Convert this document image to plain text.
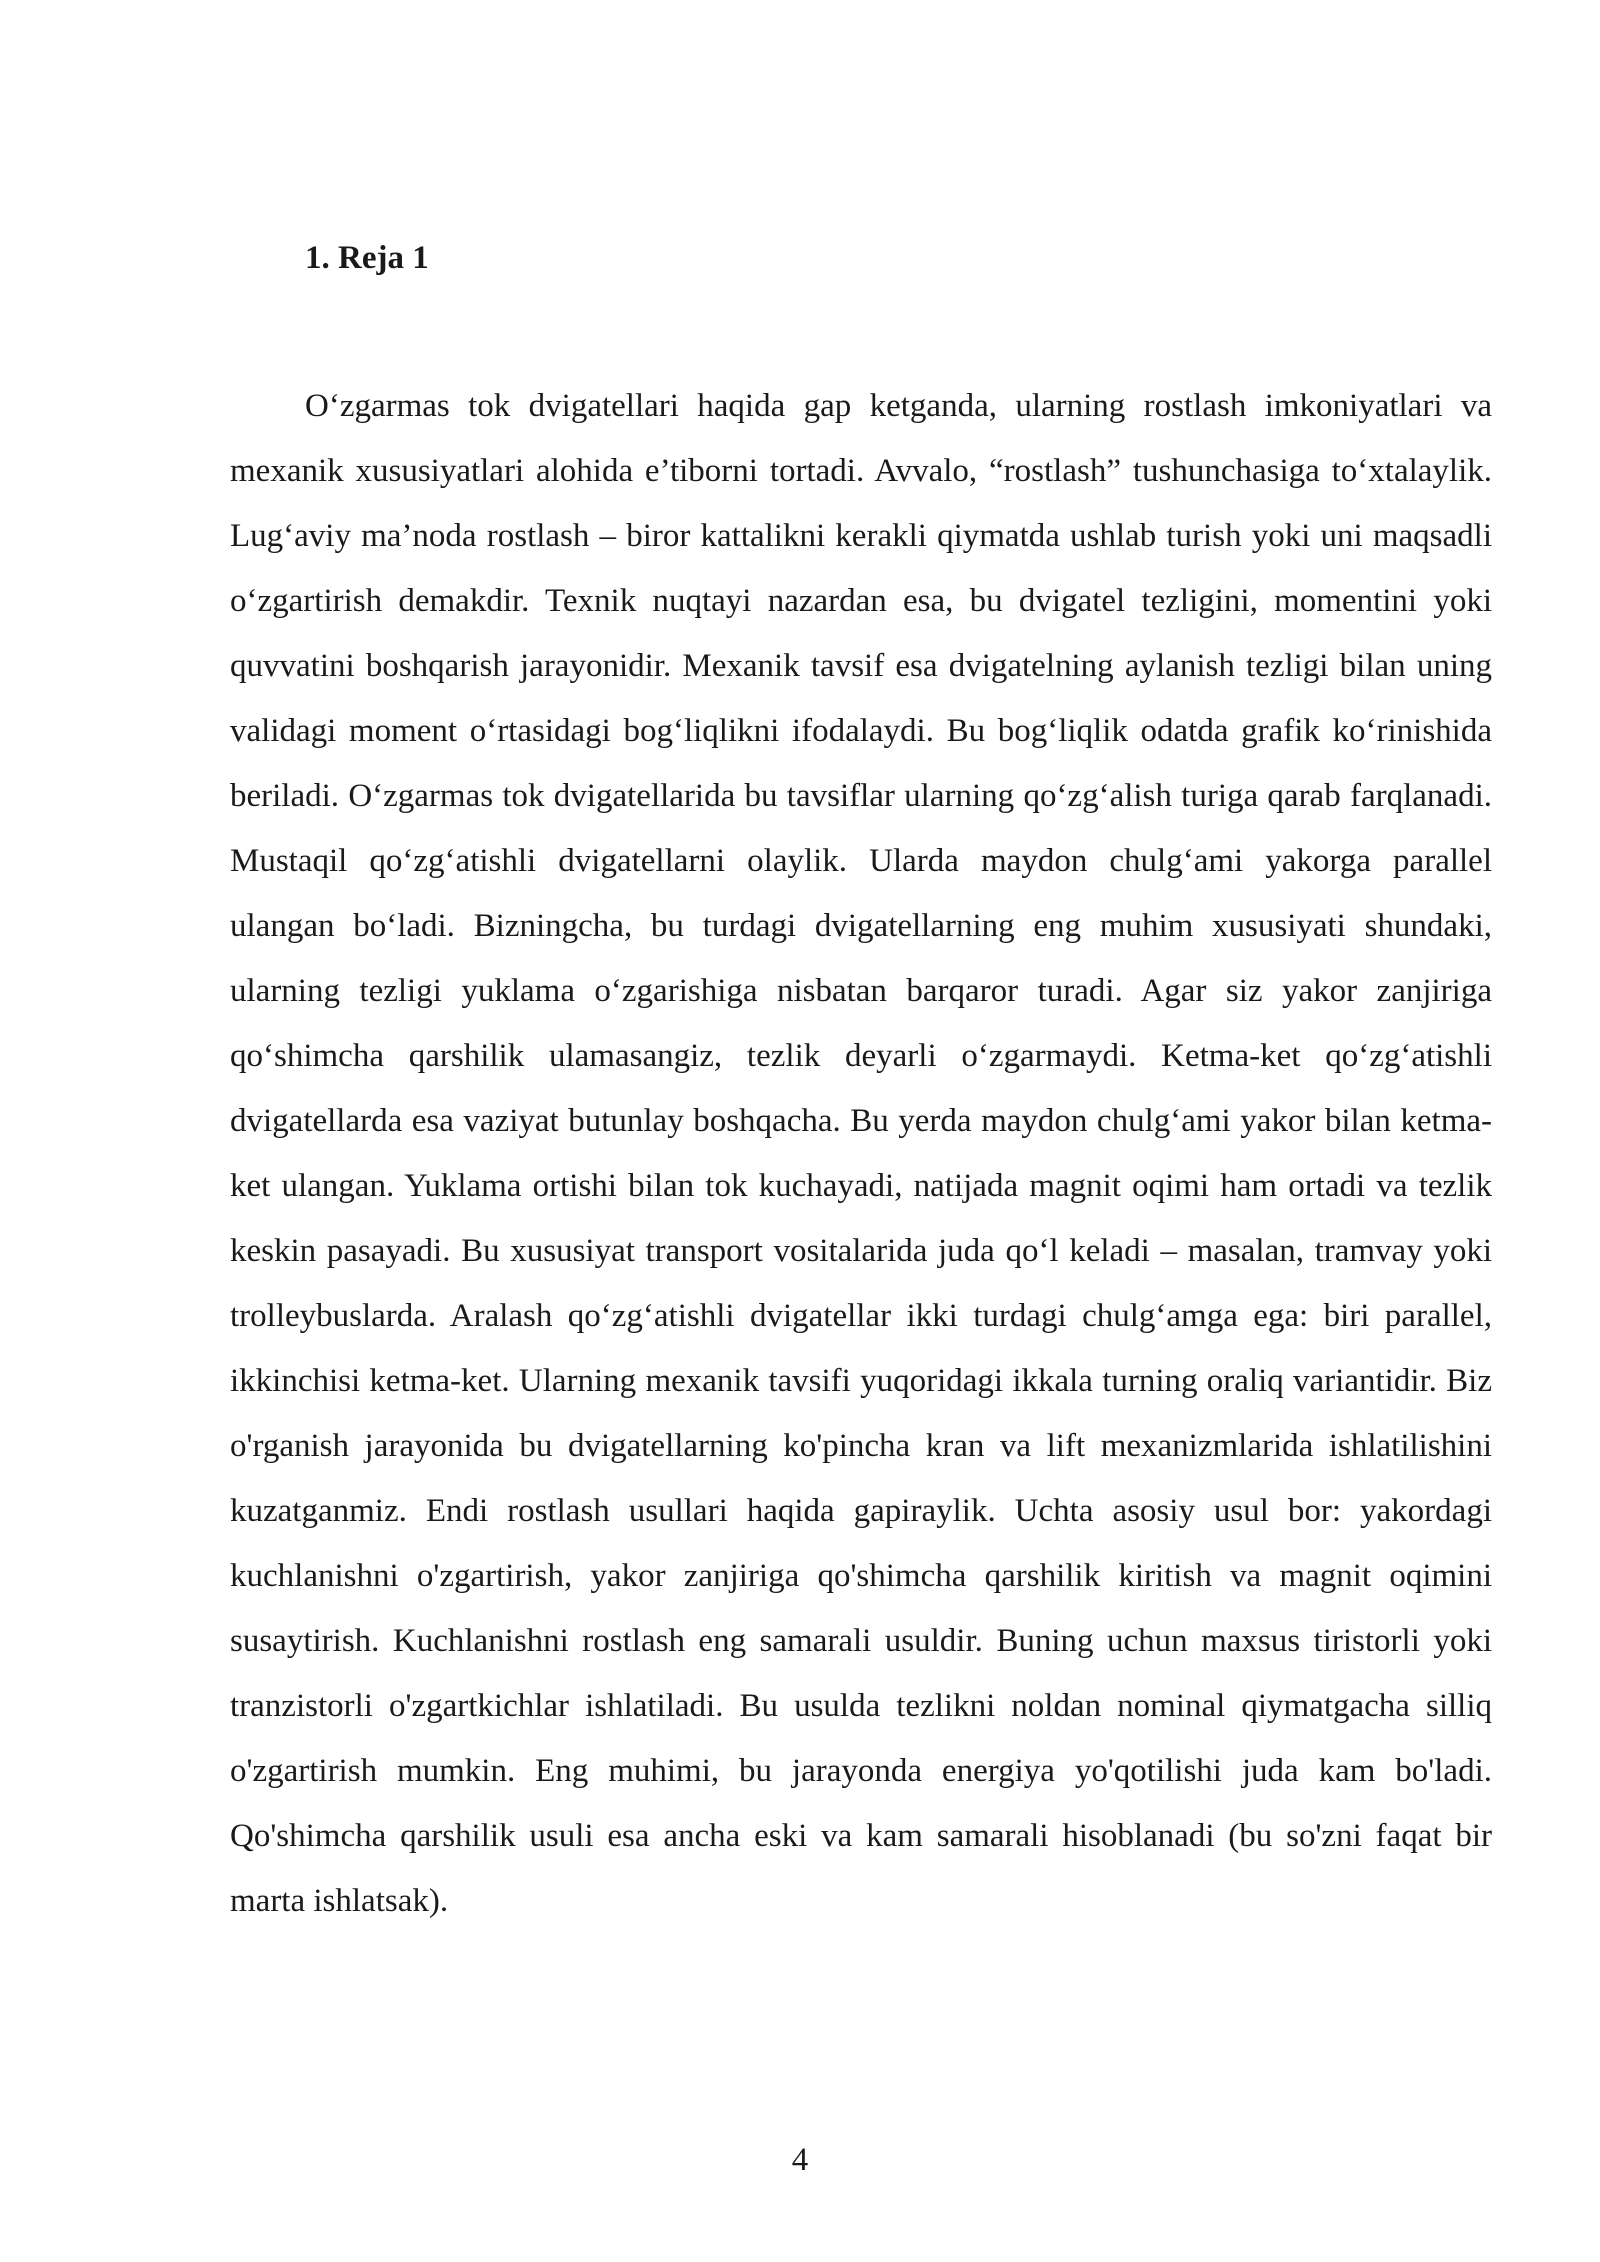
1. Reja 1

O‘zgarmas tok dvigatellari haqida gap ketganda, ularning rostlash imkoniyatlari va mexanik xususiyatlari alohida e’tiborni tortadi. Avvalo, “rostlash” tushunchasiga to‘xtalaylik. Lug‘aviy ma’noda rostlash – biror kattalikni kerakli qiymatda ushlab turish yoki uni maqsadli o‘zgartirish demakdir. Texnik nuqtayi nazardan esa, bu dvigatel tezligini, momentini yoki quvvatini boshqarish jarayonidir. Mexanik tavsif esa dvigatelning aylanish tezligi bilan uning validagi moment o‘rtasidagi bog‘liqlikni ifodalaydi. Bu bog‘liqlik odatda grafik ko‘rinishida beriladi. O‘zgarmas tok dvigatellarida bu tavsiflar ularning qo‘zg‘alish turiga qarab farqlanadi. Mustaqil qo‘zg‘atishli dvigatellarni olaylik. Ularda maydon chulg‘ami yakorga parallel ulangan bo‘ladi. Bizningcha, bu turdagi dvigatellarning eng muhim xususiyati shundaki, ularning tezligi yuklama o‘zgarishiga nisbatan barqaror turadi. Agar siz yakor zanjiriga qo‘shimcha qarshilik ulamasangiz, tezlik deyarli o‘zgarmaydi. Ketma-ket qo‘zg‘atishli dvigatellarda esa vaziyat butunlay boshqacha. Bu yerda maydon chulg‘ami yakor bilan ketma-ket ulangan. Yuklama ortishi bilan tok kuchayadi, natijada magnit oqimi ham ortadi va tezlik keskin pasayadi. Bu xususiyat transport vositalarida juda qo‘l keladi – masalan, tramvay yoki trolleybuslarda. Aralash qo‘zg‘atishli dvigatellar ikki turdagi chulg‘amga ega: biri parallel, ikkinchisi ketma-ket. Ularning mexanik tavsifi yuqoridagi ikkala turning oraliq variantidir. Biz o'rganish jarayonida bu dvigatellarning ko'pincha kran va lift mexanizmlarida ishlatilishini kuzatganmiz. Endi rostlash usullari haqida gapiraylik. Uchta asosiy usul bor: yakordagi kuchlanishni o'zgartirish, yakor zanjiriga qo'shimcha qarshilik kiritish va magnit oqimini susaytirish. Kuchlanishni rostlash eng samarali usuldir. Buning uchun maxsus tiristorli yoki tranzistorli o'zgartkichlar ishlatiladi. Bu usulda tezlikni noldan nominal qiymatgacha silliq o'zgartirish mumkin. Eng muhimi, bu jarayonda energiya yo'qotilishi juda kam bo'ladi. Qo'shimcha qarshilik usuli esa ancha eski va kam samarali hisoblanadi (bu so'zni faqat bir marta ishlatsak).

4
